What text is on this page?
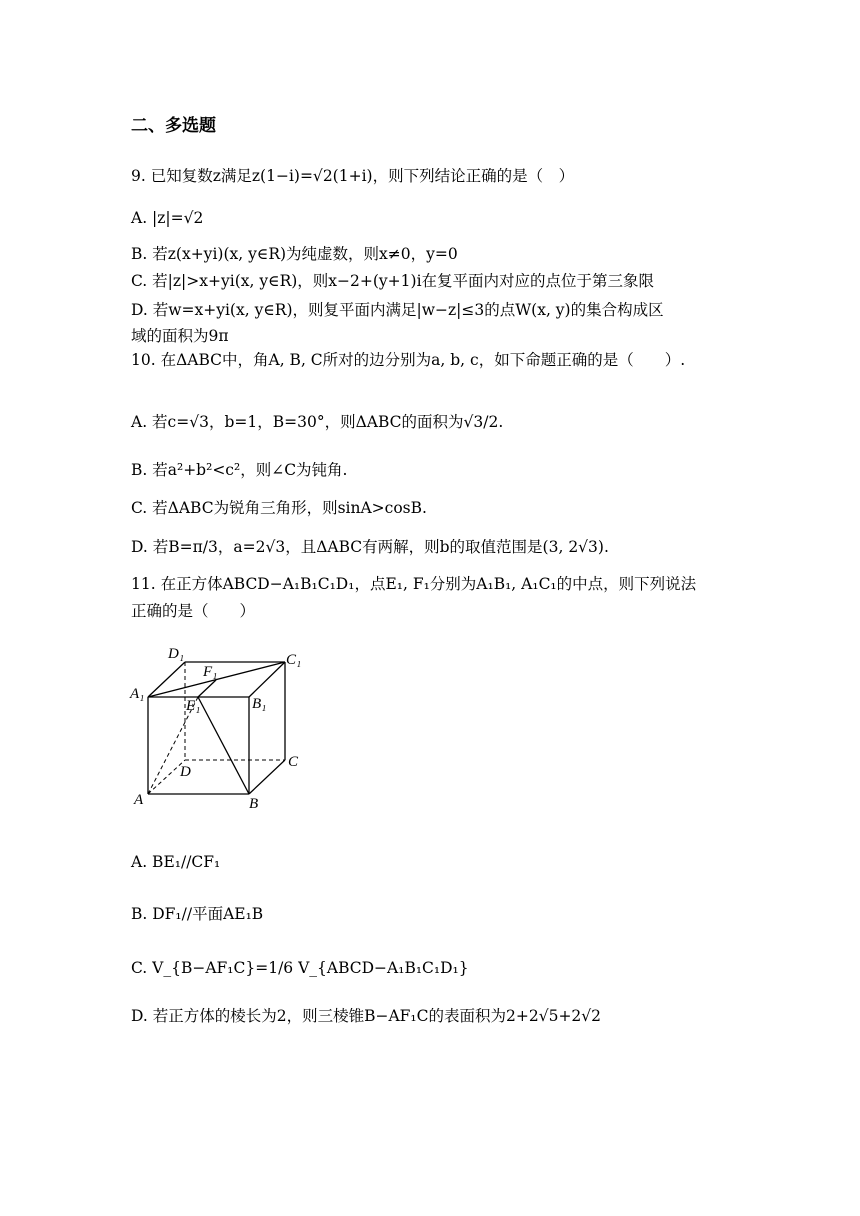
二、多选题
9. 已知复数z满足z(1−i)=√2(1+i)，则下列结论正确的是（　）
A. |z|=√2
B. 若z(x+yi)(x, y∈R)为纯虚数，则x≠0，y=0
C. 若|z|>x+yi(x, y∈R)，则x−2+(y+1)i在复平面内对应的点位于第三象限
D. 若w=x+yi(x, y∈R)，则复平面内满足|w−z|≤3的点W(x, y)的集合构成区
域的面积为9π
10. 在ΔABC中，角A, B, C所对的边分别为a, b, c，如下命题正确的是（　　）.
A. 若c=√3，b=1，B=30°，则ΔABC的面积为√3/2.
B. 若a²+b²<c²，则∠C为钝角.
C. 若ΔABC为锐角三角形，则sinA>cosB.
D. 若B=π/3，a=2√3，且ΔABC有两解，则b的取值范围是(3, 2√3).
11. 在正方体ABCD−A₁B₁C₁D₁，点E₁, F₁分别为A₁B₁, A₁C₁的中点，则下列说法
正确的是（　　）
D₁
F₁
C₁
A₁
E₁	B₁
D
C
A	B
A. BE₁//CF₁
B. DF₁//平面AE₁B
C. V_{B−AF₁C}=1/6 V_{ABCD−A₁B₁C₁D₁}
D. 若正方体的棱长为2，则三棱锥B−AF₁C的表面积为2+2√5+2√2
